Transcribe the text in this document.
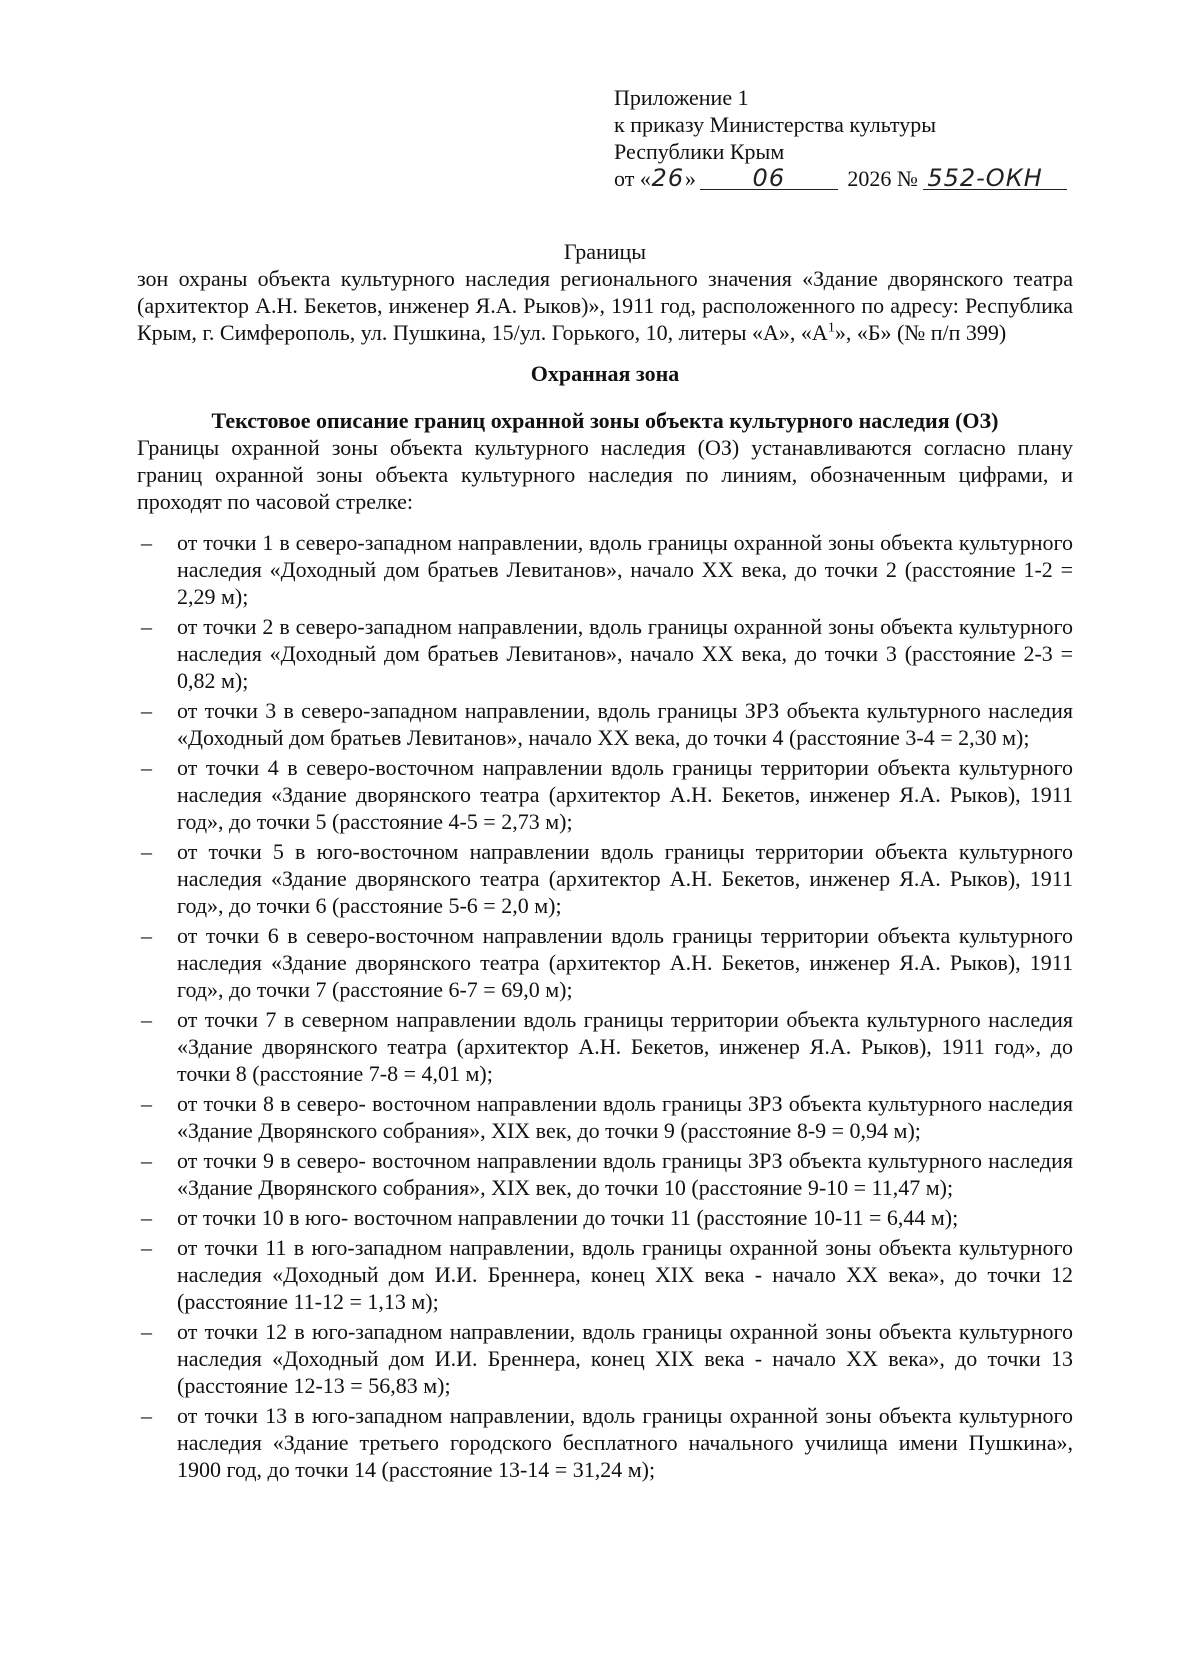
Приложение 1
к приказу Министерства культуры
Республики Крым
от «26» 06	2026 № 552-ОКН
Границы
зон охраны объекта культурного наследия регионального значения «Здание дворянского театра (архитектор А.Н. Бекетов, инженер Я.А. Рыков)», 1911 год, расположенного по адресу: Республика Крым, г. Симферополь, ул. Пушкина, 15/ул. Горького, 10, литеры «А», «$А^1$», «Б» (№ п/п 399)
Охранная зона
Текстовое описание границ охранной зоны объекта культурного наследия (ОЗ)
Границы охранной зоны объекта культурного наследия (ОЗ) устанавливаются согласно плану границ охранной зоны объекта культурного наследия по линиям, обозначенным цифрами, и проходят по часовой стрелке:
– от точки 1 в северо-западном направлении, вдоль границы охранной зоны объекта культурного наследия «Доходный дом братьев Левитанов», начало ХХ века, до точки 2 (расстояние 1-2 = 2,29 м);
– от точки 2 в северо-западном направлении, вдоль границы охранной зоны объекта культурного наследия «Доходный дом братьев Левитанов», начало ХХ века, до точки 3 (расстояние 2-3 = 0,82 м);
– от точки 3 в северо-западном направлении, вдоль границы ЗРЗ объекта культурного наследия «Доходный дом братьев Левитанов», начало ХХ века, до точки 4 (расстояние 3-4 = 2,30 м);
– от точки 4 в северо-восточном направлении вдоль границы территории объекта культурного наследия «Здание дворянского театра (архитектор А.Н. Бекетов, инженер Я.А. Рыков), 1911 год», до точки 5 (расстояние 4-5 = 2,73 м);
– от точки 5 в юго-восточном направлении вдоль границы территории объекта культурного наследия «Здание дворянского театра (архитектор А.Н. Бекетов, инженер Я.А. Рыков), 1911 год», до точки 6 (расстояние 5-6 = 2,0 м);
– от точки 6 в северо-восточном направлении вдоль границы территории объекта культурного наследия «Здание дворянского театра (архитектор А.Н. Бекетов, инженер Я.А. Рыков), 1911 год», до точки 7 (расстояние 6-7 = 69,0 м);
– от точки 7 в северном направлении вдоль границы территории объекта культурного наследия «Здание дворянского театра (архитектор А.Н. Бекетов, инженер Я.А. Рыков), 1911 год», до точки 8 (расстояние 7-8 = 4,01 м);
– от точки 8 в северо- восточном направлении вдоль границы ЗРЗ объекта культурного наследия «Здание Дворянского собрания», XIX век, до точки 9 (расстояние 8-9 = 0,94 м);
– от точки 9 в северо- восточном направлении вдоль границы ЗРЗ объекта культурного наследия «Здание Дворянского собрания», XIX век, до точки 10 (расстояние 9-10 = 11,47 м);
– от точки 10 в юго- восточном направлении до точки 11 (расстояние 10-11 = 6,44 м);
– от точки 11 в юго-западном направлении, вдоль границы охранной зоны объекта культурного наследия «Доходный дом И.И. Бреннера, конец XIX века - начало ХХ века», до точки 12 (расстояние 11-12 = 1,13 м);
– от точки 12 в юго-западном направлении, вдоль границы охранной зоны объекта культурного наследия «Доходный дом И.И. Бреннера, конец XIX века - начало ХХ века», до точки 13 (расстояние 12-13 = 56,83 м);
– от точки 13 в юго-западном направлении, вдоль границы охранной зоны объекта культурного наследия «Здание третьего городского бесплатного начального училища имени Пушкина», 1900 год, до точки 14 (расстояние 13-14 = 31,24 м);
